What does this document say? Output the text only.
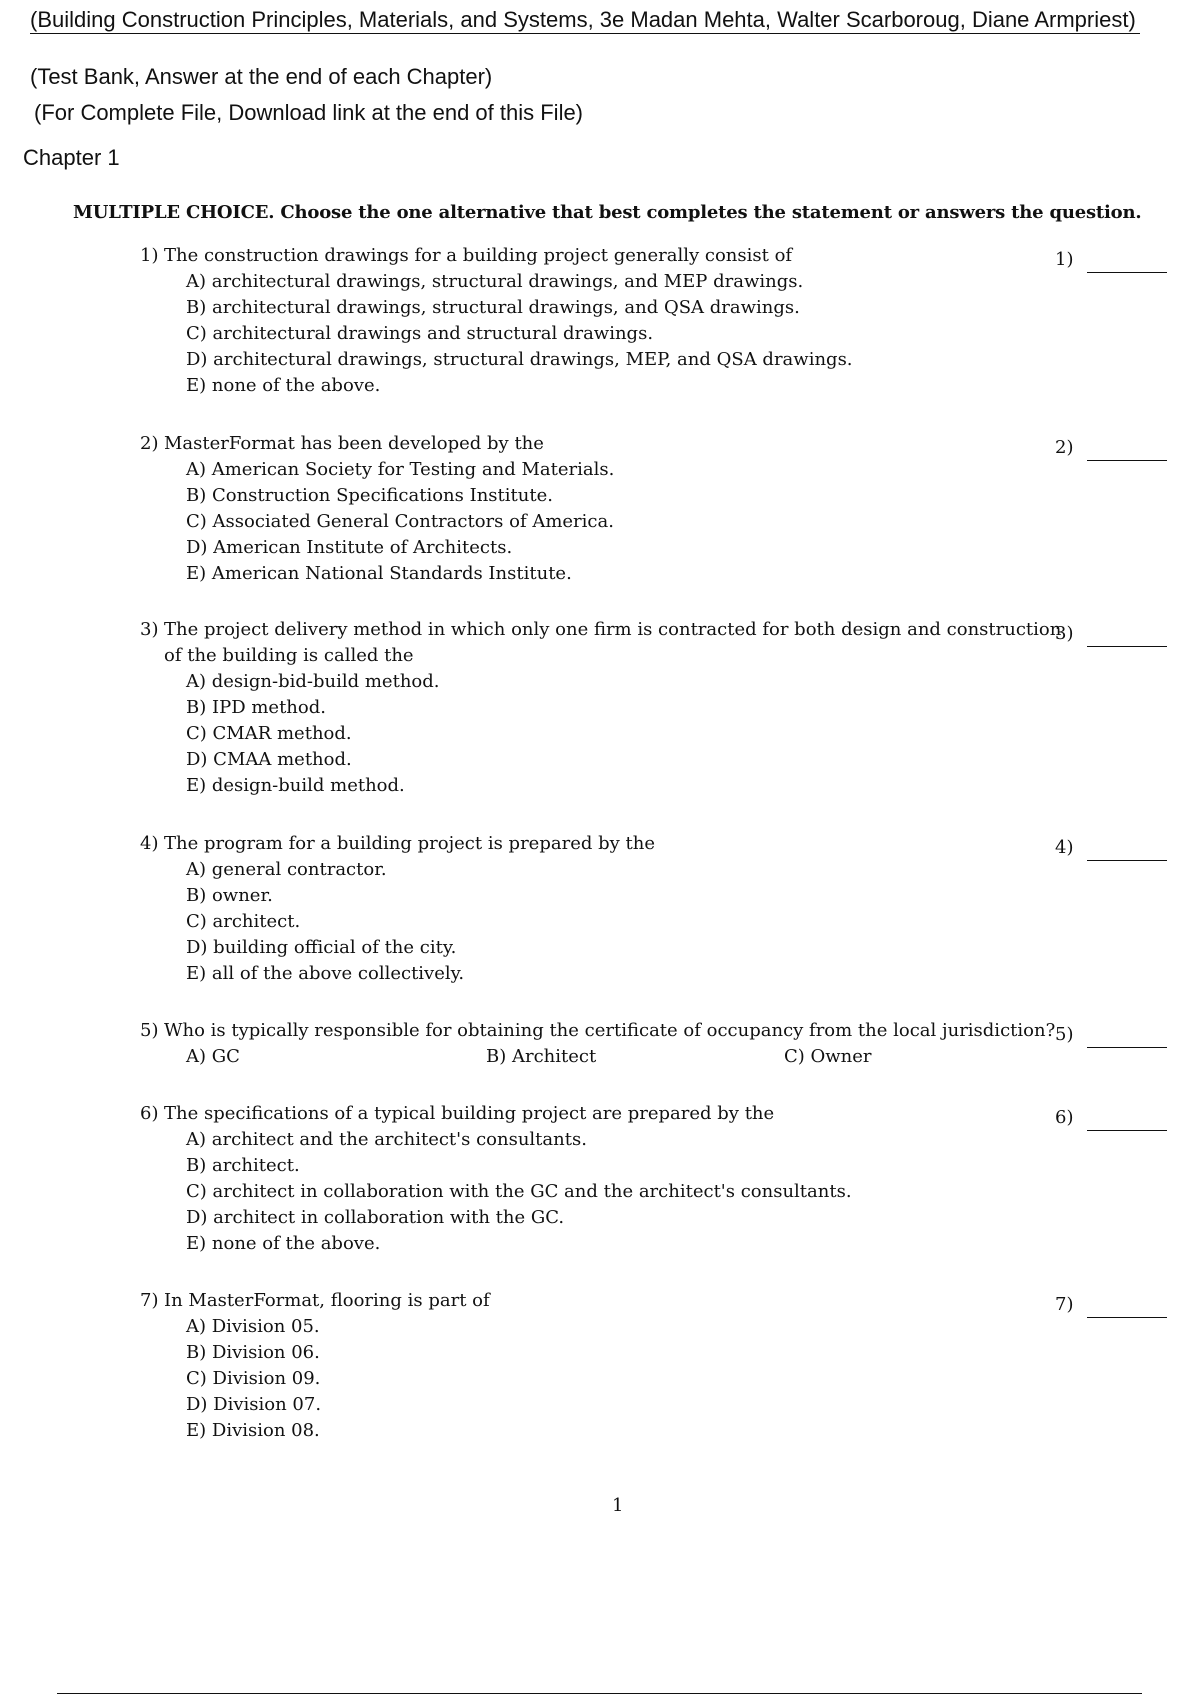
(Building Construction Principles, Materials, and Systems, 3e Madan Mehta, Walter Scarboroug, Diane Armpriest)
(Test Bank, Answer at the end of each Chapter)
(For Complete File, Download link at the end of this File)
Chapter 1
MULTIPLE CHOICE. Choose the one alternative that best completes the statement or answers the question.
1) The construction drawings for a building project generally consist of
A) architectural drawings, structural drawings, and MEP drawings.
B) architectural drawings, structural drawings, and QSA drawings.
C) architectural drawings and structural drawings.
D) architectural drawings, structural drawings, MEP, and QSA drawings.
E) none of the above.
1)
2) MasterFormat has been developed by the
A) American Society for Testing and Materials.
B) Construction Specifications Institute.
C) Associated General Contractors of America.
D) American Institute of Architects.
E) American National Standards Institute.
2)
3) The project delivery method in which only one firm is contracted for both design and construction of the building is called the
A) design-bid-build method.
B) IPD method.
C) CMAR method.
D) CMAA method.
E) design-build method.
3)
4) The program for a building project is prepared by the
A) general contractor.
B) owner.
C) architect.
D) building official of the city.
E) all of the above collectively.
4)
5) Who is typically responsible for obtaining the certificate of occupancy from the local jurisdiction?
A) GC	B) Architect	C) Owner
5)
6) The specifications of a typical building project are prepared by the
A) architect and the architect's consultants.
B) architect.
C) architect in collaboration with the GC and the architect's consultants.
D) architect in collaboration with the GC.
E) none of the above.
6)
7) In MasterFormat, flooring is part of
A) Division 05.
B) Division 06.
C) Division 09.
D) Division 07.
E) Division 08.
7)
1
